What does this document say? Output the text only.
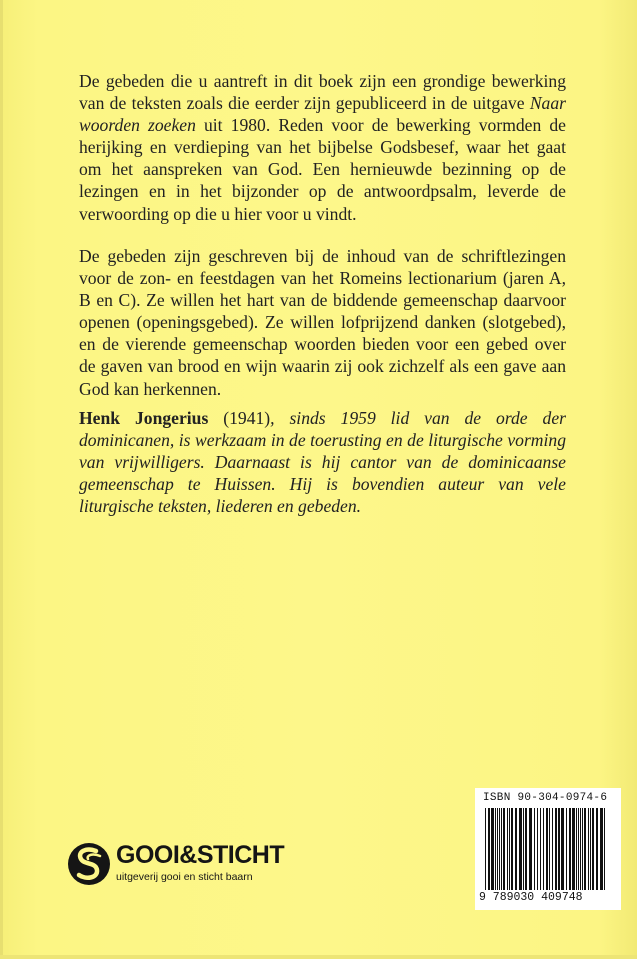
De gebeden die u aantreft in dit boek zijn een grondige bewerking van de teksten zoals die eerder zijn gepubliceerd in de uitgave Naar woorden zoeken uit 1980. Reden voor de bewerking vormden de herijking en verdieping van het bijbelse Godsbesef, waar het gaat om het aanspreken van God. Een hernieuwde bezinning op de lezingen en in het bijzonder op de antwoordpsalm, leverde de verwoording op die u hier voor u vindt.

De gebeden zijn geschreven bij de inhoud van de schriftlezingen voor de zon- en feestdagen van het Romeins lectionarium (jaren A, B en C). Ze willen het hart van de biddende gemeenschap daarvoor openen (openingsgebed). Ze willen lofprijzend danken (slotgebed), en de vierende gemeenschap woorden bieden voor een gebed over de gaven van brood en wijn waarin zij ook zichzelf als een gave aan God kan herkennen.

Henk Jongerius (1941), sinds 1959 lid van de orde der dominicanen, is werkzaam in de toerusting en de liturgische vorming van vrijwilligers. Daarnaast is hij cantor van de dominicaanse gemeenschap te Huissen. Hij is bovendien auteur van vele liturgische teksten, liederen en gebeden.

ISBN 90-304-0974-6
9 789030 409748
GOOI&STICHT
uitgeverij gooi en sticht baarn
